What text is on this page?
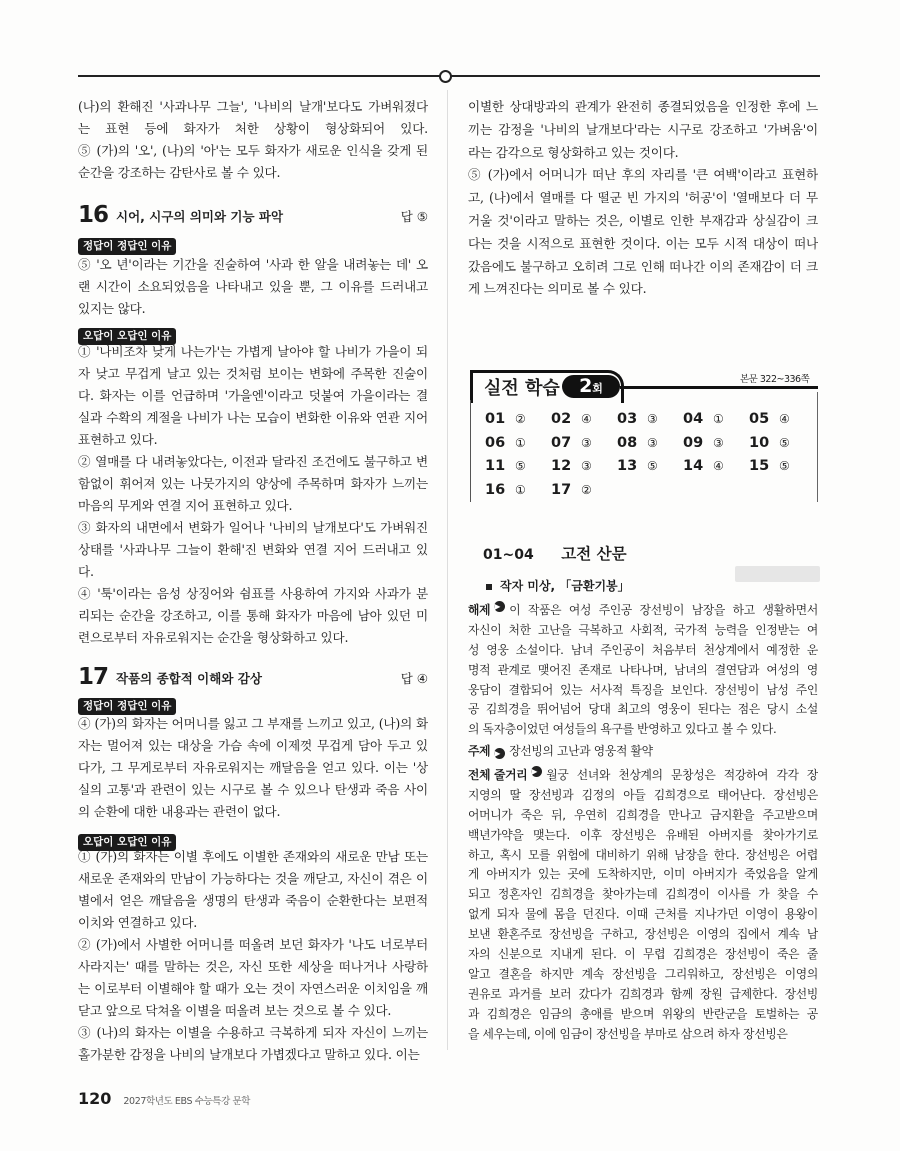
(나)의 환해진 '사과나무 그늘', '나비의 날개'보다도 가벼워졌다
는 표현 등에 화자가 처한 상황이 형상화되어 있다.
⑤ (가)의 '오', (나)의 '아'는 모두 화자가 새로운 인식을 갖게 된
순간을 강조하는 감탄사로 볼 수 있다.
16 시어, 시구의 의미와 기능 파악	답 ⑤
정답이 정답인 이유
⑤ '오 년'이라는 기간을 진술하여 '사과 한 알을 내려놓는 데' 오
랜 시간이 소요되었음을 나타내고 있을 뿐, 그 이유를 드러내고
있지는 않다.
오답이 오답인 이유
① '나비조차 낮게 나는가'는 가볍게 날아야 할 나비가 가을이 되
자 낮고 무겁게 날고 있는 것처럼 보이는 변화에 주목한 진술이
다. 화자는 이를 언급하며 '가을엔'이라고 덧붙여 가을이라는 결
실과 수확의 계절을 나비가 나는 모습이 변화한 이유와 연관 지어
표현하고 있다.
② 열매를 다 내려놓았다는, 이전과 달라진 조건에도 불구하고 변
함없이 휘어져 있는 나뭇가지의 양상에 주목하며 화자가 느끼는
마음의 무게와 연결 지어 표현하고 있다.
③ 화자의 내면에서 변화가 일어나 '나비의 날개보다'도 가벼워진
상태를 '사과나무 그늘이 환해'진 변화와 연결 지어 드러내고 있
다.
④ '툭'이라는 음성 상징어와 쉼표를 사용하여 가지와 사과가 분
리되는 순간을 강조하고, 이를 통해 화자가 마음에 남아 있던 미
련으로부터 자유로워지는 순간을 형상화하고 있다.
17 작품의 종합적 이해와 감상	답 ④
정답이 정답인 이유
④ (가)의 화자는 어머니를 잃고 그 부재를 느끼고 있고, (나)의 화
자는 멀어져 있는 대상을 가슴 속에 이제껏 무겁게 담아 두고 있
다가, 그 무게로부터 자유로워지는 깨달음을 얻고 있다. 이는 '상
실의 고통'과 관련이 있는 시구로 볼 수 있으나 탄생과 죽음 사이
의 순환에 대한 내용과는 관련이 없다.
오답이 오답인 이유
① (가)의 화자는 이별 후에도 이별한 존재와의 새로운 만남 또는
새로운 존재와의 만남이 가능하다는 것을 깨닫고, 자신이 겪은 이
별에서 얻은 깨달음을 생명의 탄생과 죽음이 순환한다는 보편적
이치와 연결하고 있다.
② (가)에서 사별한 어머니를 떠올려 보던 화자가 '나도 너로부터
사라지는' 때를 말하는 것은, 자신 또한 세상을 떠나거나 사랑하
는 이로부터 이별해야 할 때가 오는 것이 자연스러운 이치임을 깨
닫고 앞으로 닥쳐올 이별을 떠올려 보는 것으로 볼 수 있다.
③ (나)의 화자는 이별을 수용하고 극복하게 되자 자신이 느끼는
홀가분한 감정을 나비의 날개보다 가볍겠다고 말하고 있다. 이는
이별한 상대방과의 관계가 완전히 종결되었음을 인정한 후에 느
끼는 감정을 '나비의 날개보다'라는 시구로 강조하고 '가벼움'이
라는 감각으로 형상화하고 있는 것이다.
⑤ (가)에서 어머니가 떠난 후의 자리를 '큰 여백'이라고 표현하
고, (나)에서 열매를 다 떨군 빈 가지의 '허공'이 '열매보다 더 무
거울 것'이라고 말하는 것은, 이별로 인한 부재감과 상실감이 크
다는 것을 시적으로 표현한 것이다. 이는 모두 시적 대상이 떠나
갔음에도 불구하고 오히려 그로 인해 떠나간 이의 존재감이 더 크
게 느껴진다는 의미로 볼 수 있다.
실전 학습	2회
본문 322~336쪽
01 ② 02 ④ 03 ③ 04 ① 05 ④
06 ① 07 ③ 08 ③ 09 ③ 10 ⑤
11 ⑤ 12 ③ 13 ⑤ 14 ④ 15 ⑤
16 ① 17 ②
01~04 고전 산문
작자 미상, 「금환기봉」
해제 ▶ 이 작품은 여성 주인공 장선빙이 남장을 하고 생활하면서
자신이 처한 고난을 극복하고 사회적, 국가적 능력을 인정받는 여
성 영웅 소설이다. 남녀 주인공이 처음부터 천상계에서 예정한 운
명적 관계로 맺어진 존재로 나타나며, 남녀의 결연담과 여성의 영
웅담이 결합되어 있는 서사적 특징을 보인다. 장선빙이 남성 주인
공 김희경을 뛰어넘어 당대 최고의 영웅이 된다는 점은 당시 소설
의 독자층이었던 여성들의 욕구를 반영하고 있다고 볼 수 있다.
주제 ▶ 장선빙의 고난과 영웅적 활약
전체 줄거리 ▶ 월궁 선녀와 천상계의 문창성은 적강하여 각각 장
지영의 딸 장선빙과 김정의 아들 김희경으로 태어난다. 장선빙은
어머니가 죽은 뒤, 우연히 김희경을 만나고 금지환을 주고받으며
백년가약을 맺는다. 이후 장선빙은 유배된 아버지를 찾아가기로
하고, 혹시 모를 위험에 대비하기 위해 남장을 한다. 장선빙은 어렵
게 아버지가 있는 곳에 도착하지만, 이미 아버지가 죽었음을 알게
되고 정혼자인 김희경을 찾아가는데 김희경이 이사를 가 찾을 수
없게 되자 물에 몸을 던진다. 이때 근처를 지나가던 이영이 용왕이
보낸 환혼주로 장선빙을 구하고, 장선빙은 이영의 집에서 계속 남
자의 신분으로 지내게 된다. 이 무렵 김희경은 장선빙이 죽은 줄
알고 결혼을 하지만 계속 장선빙을 그리워하고, 장선빙은 이영의
권유로 과거를 보러 갔다가 김희경과 함께 장원 급제한다. 장선빙
과 김희경은 임금의 총애를 받으며 위왕의 반란군을 토벌하는 공
을 세우는데, 이에 임금이 장선빙을 부마로 삼으려 하자 장선빙은
120 2027학년도 EBS 수능특강 문학
